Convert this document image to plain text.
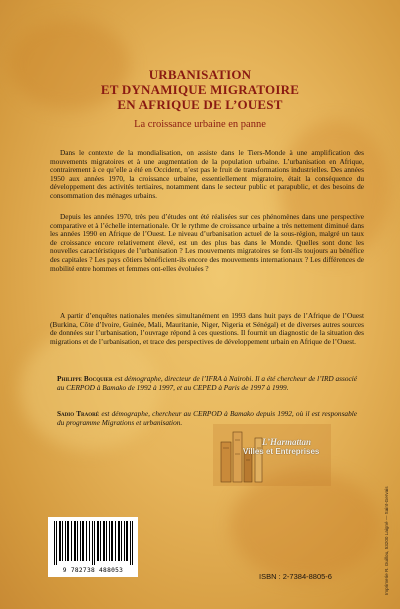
URBANISATION
ET DYNAMIQUE MIGRATOIRE
EN AFRIQUE DE L’OUEST
La croissance urbaine en panne

Dans le contexte de la mondialisation, on assiste dans le Tiers-Monde à une amplification des mouvements migratoires et à une augmentation de la population urbaine. L’urbanisation en Afrique, contrairement à ce qu’elle a été en Occident, n’est pas le fruit de transformations industrielles. Des années 1950 aux années 1970, la croissance urbaine, essentiellement migratoire, était la conséquence du développement des activités tertiaires, notamment dans le secteur public et parapublic, et des besoins de consommation des ménages urbains.

Depuis les années 1970, très peu d’études ont été réalisées sur ces phénomènes dans une perspective comparative et à l’échelle internationale. Or le rythme de croissance urbaine a très nettement diminué dans les années 1990 en Afrique de l’Ouest. Le niveau d’urbanisation actuel de la sous-région, malgré un taux de croissance encore relativement élevé, est un des plus bas dans le Monde. Quelles sont donc les nouvelles caractéristiques de l’urbanisation ? Les mouvements migratoires se font-ils toujours au bénéfice des capitales ? Les pays côtiers bénéficient-ils encore des mouvements internationaux ? Les différences de mobilité entre hommes et femmes ont-elles évoluées ?

A partir d’enquêtes nationales menées simultanément en 1993 dans huit pays de l’Afrique de l’Ouest (Burkina, Côte d’Ivoire, Guinée, Mali, Mauritanie, Niger, Nigeria et Sénégal) et de diverses autres sources de données sur l’urbanisation, l’ouvrage répond à ces questions. Il fournit un diagnostic de la situation des migrations et de l’urbanisation, et trace des perspectives de développement urbain en Afrique de l’Ouest.

Philippe Bocquier est démographe, directeur de l’IFRA à Nairobi. Il a été chercheur de l’IRD associé au CERPOD à Bamako de 1992 à 1997, et au CEPED à Paris de 1997 à 1999.

Sadio Traoré est démographe, chercheur au CERPOD à Bamako depuis 1992, où il est responsable du programme Migrations et urbanisation.

L’Harmattan
Villes et Entreprises
9 782738 488053
ISBN : 2-7384-8805-6	Imprimerie R. Guillou, 53200 Laigné — Saint-Gervais
